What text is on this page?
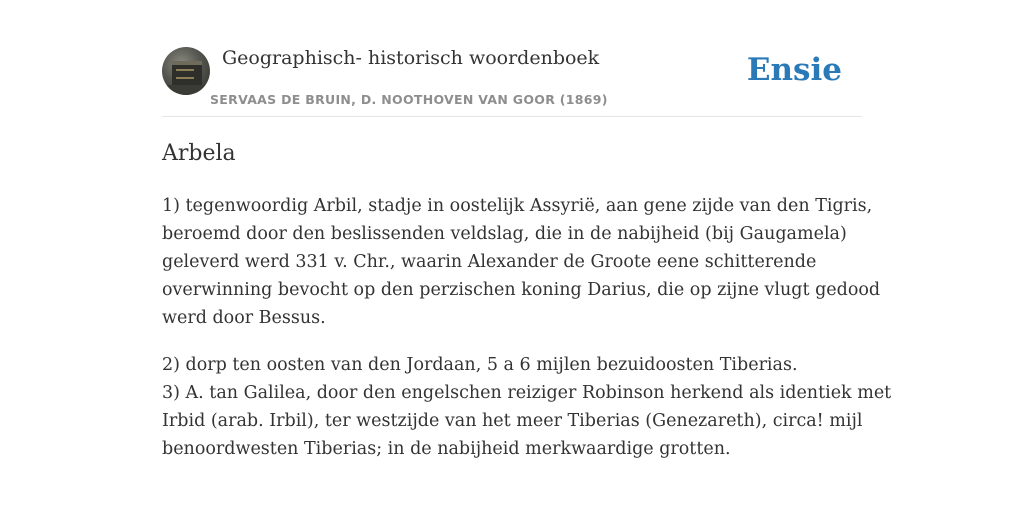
Geographisch- historisch woordenboek
SERVAAS DE BRUIN, D. NOOTHOVEN VAN GOOR (1869)
Ensie
Arbela
1) tegenwoordig Arbil, stadje in oostelijk Assyrië, aan gene zijde van den Tigris,
beroemd door den beslissenden veldslag, die in de nabijheid (bij Gaugamela)
geleverd werd 331 v. Chr., waarin Alexander de Groote eene schitterende
overwinning bevocht op den perzischen koning Darius, die op zijne vlugt gedood
werd door Bessus.
2) dorp ten oosten van den Jordaan, 5 a 6 mijlen bezuidoosten Tiberias.
3) A. tan Galilea, door den engelschen reiziger Robinson herkend als identiek met
Irbid (arab. Irbil), ter westzijde van het meer Tiberias (Genezareth), circa! mijl
benoordwesten Tiberias; in de nabijheid merkwaardige grotten.
